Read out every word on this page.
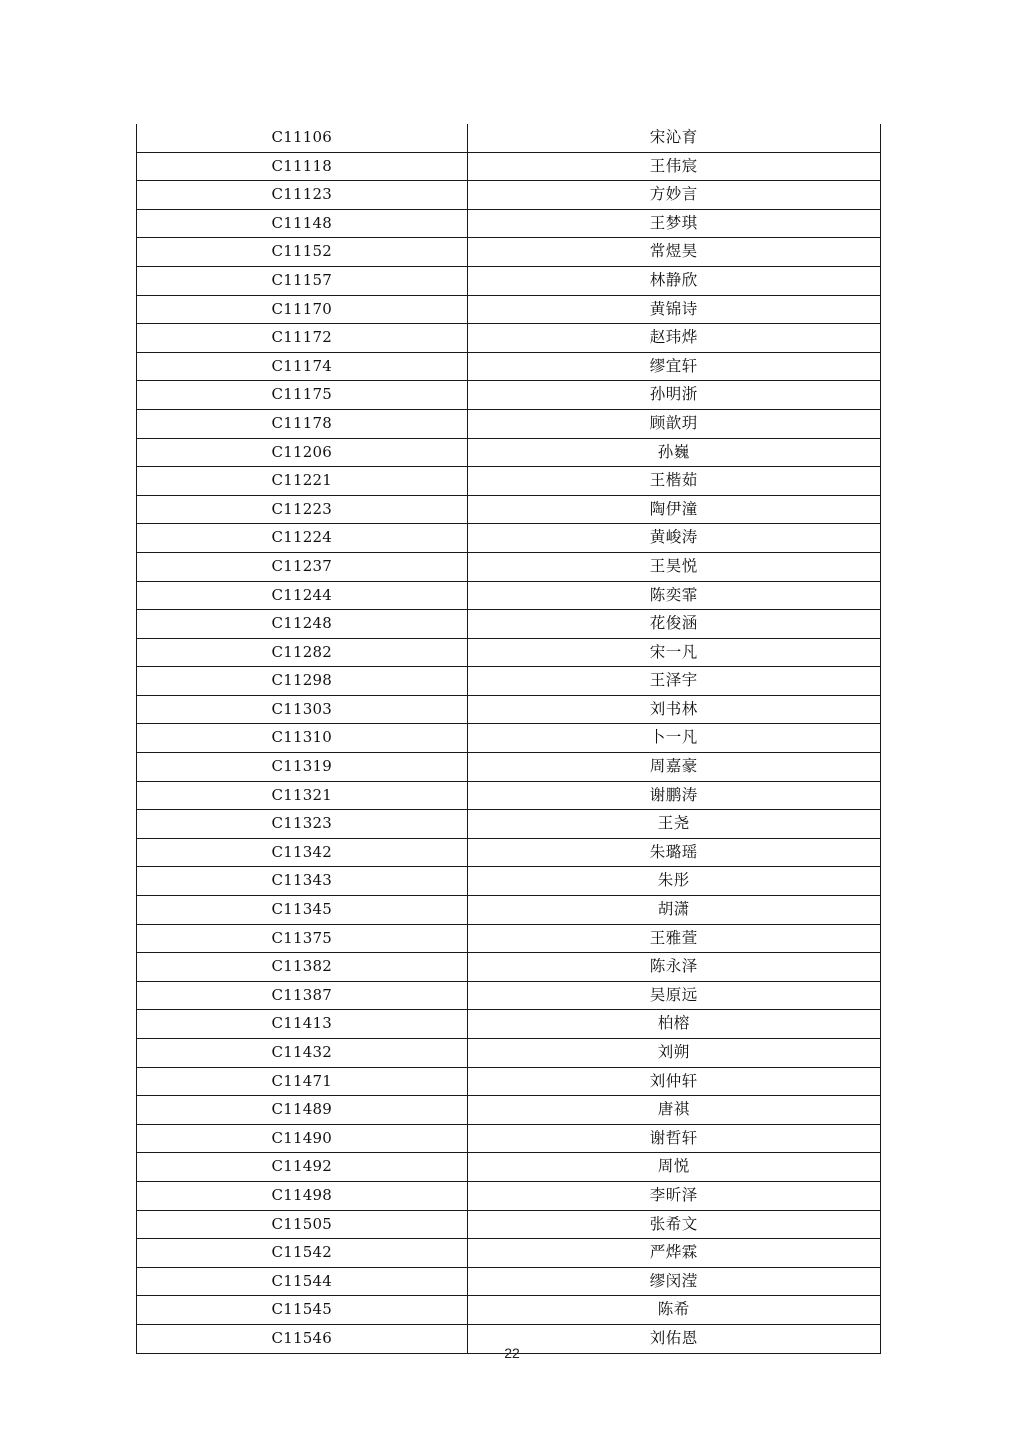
C11106	宋沁育
C11118	王伟宸
C11123	方妙言
C11148	王梦琪
C11152	常煜昊
C11157	林静欣
C11170	黄锦诗
C11172	赵玮烨
C11174	缪宜轩
C11175	孙明浙
C11178	顾歆玥
C11206	孙巍
C11221	王楷茹
C11223	陶伊潼
C11224	黄峻涛
C11237	王昊悦
C11244	陈奕霏
C11248	花俊涵
C11282	宋一凡
C11298	王泽宇
C11303	刘书林
C11310	卜一凡
C11319	周嘉豪
C11321	谢鹏涛
C11323	王尧
C11342	朱璐瑶
C11343	朱彤
C11345	胡潇
C11375	王雅萱
C11382	陈永泽
C11387	吴原远
C11413	柏榕
C11432	刘朔
C11471	刘仲轩
C11489	唐祺
C11490	谢哲轩
C11492	周悦
C11498	李昕泽
C11505	张希文
C11542	严烨霖
C11544	缪闵滢
C11545	陈希
C11546	刘佑恩
22
